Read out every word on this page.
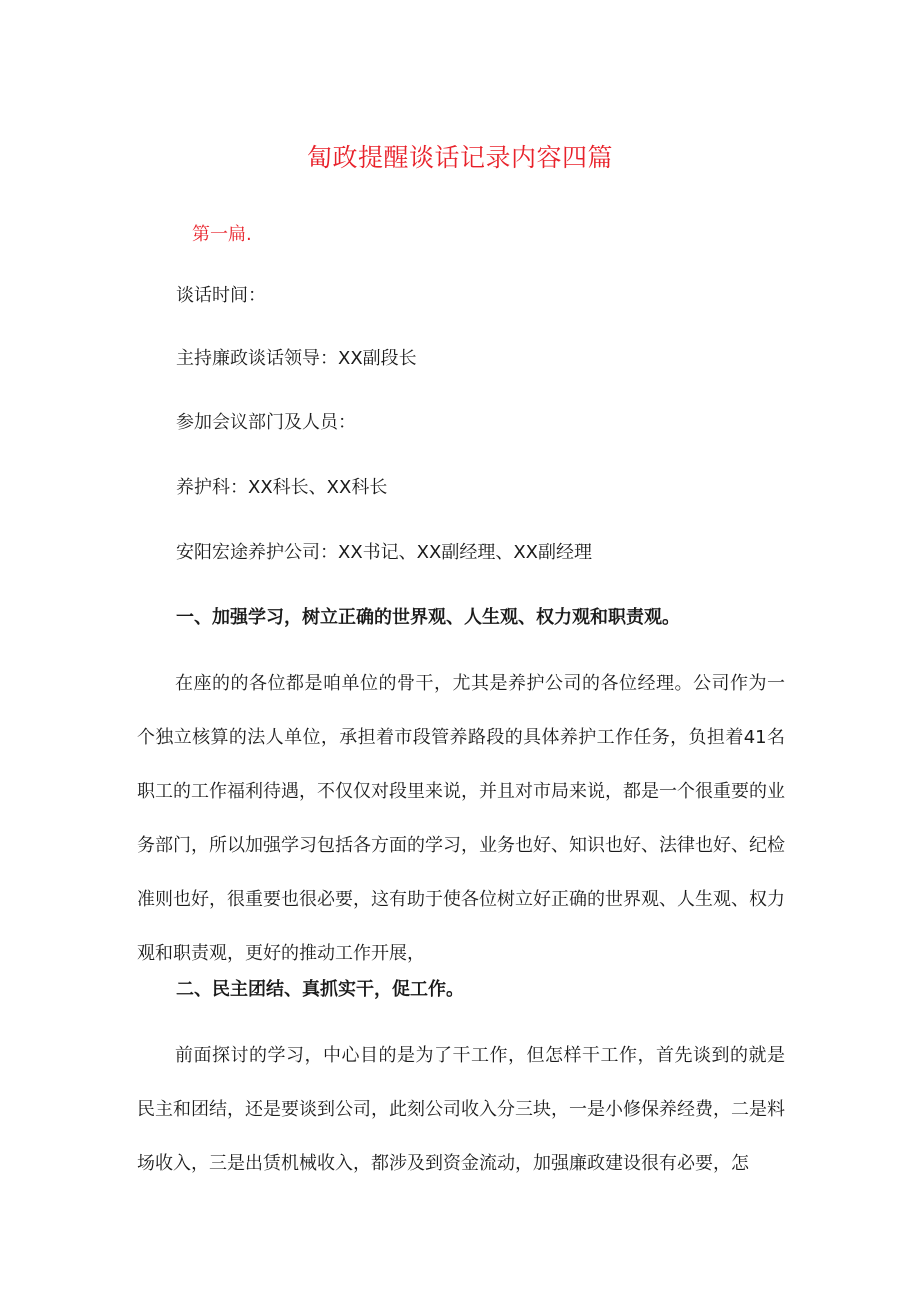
匐政提醒谈话记录内容四篇

第一扁.

谈话时间：

主持廉政谈话领导：XX副段长

参加会议部门及人员：

养护科：XX科长、XX科长

安阳宏途养护公司：XX书记、XX副经理、XX副经理

一、加强学习，树立正确的世界观、人生观、权力观和职责观。

在座的的各位都是咱单位的骨干，尤其是养护公司的各位经理。公司作为一个独立核算的法人单位，承担着市段管养路段的具体养护工作任务，负担着41名职工的工作福利待遇，不仅仅对段里来说，并且对市局来说，都是一个很重要的业务部门，所以加强学习包括各方面的学习，业务也好、知识也好、法律也好、纪检准则也好，很重要也很必要，这有助于使各位树立好正确的世界观、人生观、权力观和职责观，更好的推动工作开展，

二、民主团结、真抓实干，促工作。

前面探讨的学习，中心目的是为了干工作，但怎样干工作，首先谈到的就是民主和团结，还是要谈到公司，此刻公司收入分三块，一是小修保养经费，二是料场收入，三是出赁机械收入，都涉及到资金流动，加强廉政建设很有必要，怎
